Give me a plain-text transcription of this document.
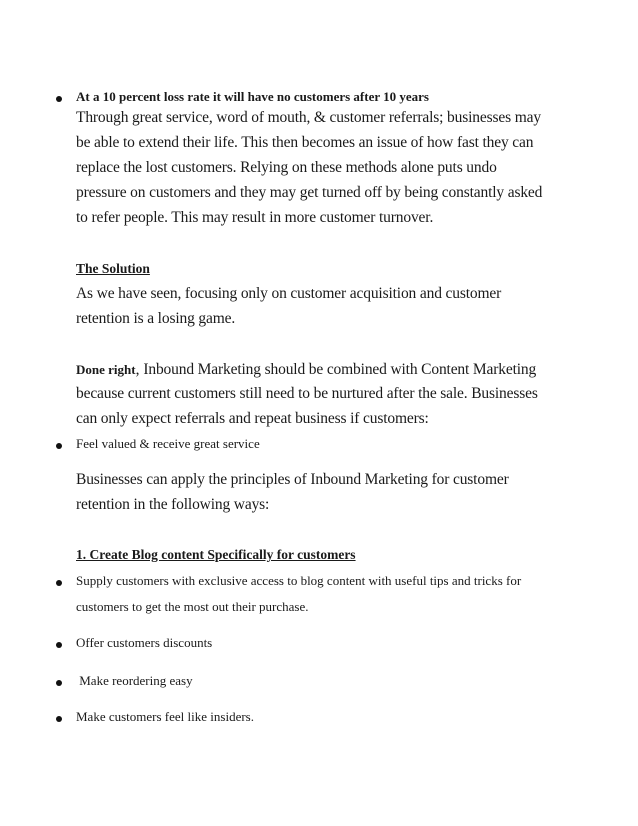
At a 10 percent loss rate it will have no customers after 10 years
Through great service, word of mouth, & customer referrals; businesses may
be able to extend their life. This then becomes an issue of how fast they can
replace the lost customers. Relying on these methods alone puts undo
pressure on customers and they may get turned off by being constantly asked
to refer people. This may result in more customer turnover.
The Solution
As we have seen, focusing only on customer acquisition and customer
retention is a losing game.
Done right, Inbound Marketing should be combined with Content Marketing
because current customers still need to be nurtured after the sale. Businesses
can only expect referrals and repeat business if customers:
Feel valued & receive great service
Businesses can apply the principles of Inbound Marketing for customer
retention in the following ways:
1. Create Blog content Specifically for customers
Supply customers with exclusive access to blog content with useful tips and tricks for
customers to get the most out their purchase.
Offer customers discounts
Make reordering easy
Make customers feel like insiders.
